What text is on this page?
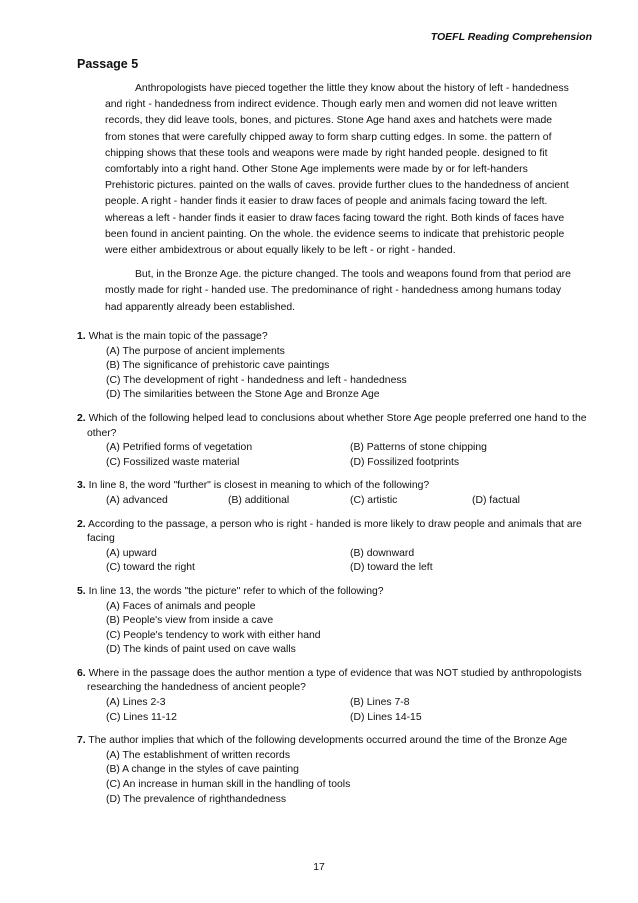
TOEFL Reading Comprehension
Passage 5

Anthropologists have pieced together the little they know about the history of left - handedness and right - handedness from indirect evidence. Though early men and women did not leave written records, they did leave tools, bones, and pictures. Stone Age hand axes and hatchets were made from stones that were carefully chipped away to form sharp cutting edges. In some. the pattern of chipping shows that these tools and weapons were made by right handed people. designed to fit comfortably into a right hand. Other Stone Age implements were made by or for left-handers Prehistoric pictures. painted on the walls of caves. provide further clues to the handedness of ancient people. A right - hander finds it easier to draw faces of people and animals facing toward the left. whereas a left - hander finds it easier to draw faces facing toward the right. Both kinds of faces have been found in ancient painting. On the whole. the evidence seems to indicate that prehistoric people were either ambidextrous or about equally likely to be left - or right - handed.

But, in the Bronze Age. the picture changed. The tools and weapons found from that period are mostly made for right - handed use. The predominance of right - handedness among humans today had apparently already been established.

1. What is the main topic of the passage?
(A) The purpose of ancient implements
(B) The significance of prehistoric cave paintings
(C) The development of right - handedness and left - handedness
(D) The similarities between the Stone Age and Bronze Age
2. Which of the following helped lead to conclusions about whether Store Age people preferred one hand to the other?
(A) Petrified forms of vegetation	(B) Patterns of stone chipping
(C) Fossilized waste material	(D) Fossilized footprints
3. In line 8, the word "further" is closest in meaning to which of the following?
(A) advanced	(B) additional	(C) artistic	(D) factual
2. According to the passage, a person who is right - handed is more likely to draw people and animals that are facing
(A) upward	(B) downward
(C) toward the right	(D) toward the left
5. In line 13, the words "the picture" refer to which of the following?
(A) Faces of animals and people
(B) People's view from inside a cave
(C) People's tendency to work with either hand
(D) The kinds of paint used on cave walls
6. Where in the passage does the author mention a type of evidence that was NOT studied by anthropologists researching the handedness of ancient people?
(A) Lines 2-3	(B) Lines 7-8
(C) Lines 11-12	(D) Lines 14-15
7. The author implies that which of the following developments occurred around the time of the Bronze Age
(A) The establishment of written records
(B) A change in the styles of cave painting
(C) An increase in human skill in the handling of tools
(D) The prevalence of righthandedness
17
